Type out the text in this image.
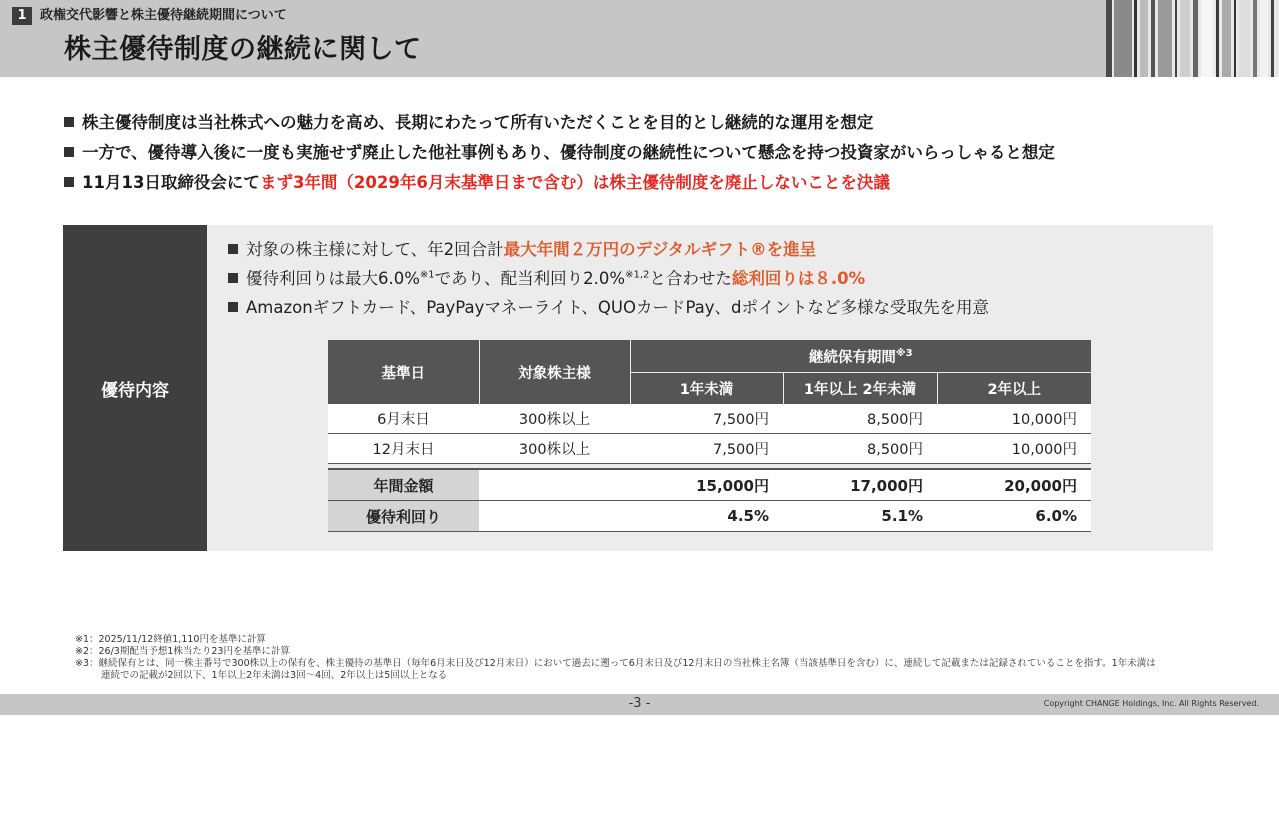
1	政権交代影響と株主優待継続期間について
株主優待制度の継続に関して
株主優待制度は当社株式への魅力を高め、長期にわたって所有いただくことを目的とし継続的な運用を想定
一方で、優待導入後に一度も実施せず廃止した他社事例もあり、優待制度の継続性について懸念を持つ投資家がいらっしゃると想定
11月13日取締役会にてまず3年間（2029年6月末基準日まで含む）は株主優待制度を廃止しないことを決議
優待内容
対象の株主様に対して、年2回合計最大年間２万円のデジタルギフト®を進呈
優待利回りは最大6.0%$^{※1}$であり、配当利回り2.0%$^{※1,2}$と合わせた総利回りは８.0%
Amazonギフトカード、PayPayマネーライト、QUOカードPay、dポイントなど多様な受取先を用意
基準日	対象株主様	継続保有期間$^{※3}$
		1年未満	1年以上 2年未満	2年以上
6月末日	300株以上	7,500円	8,500円	10,000円
12月末日	300株以上	7,500円	8,500円	10,000円

年間金額		15,000円	17,000円	20,000円
優待利回り		4.5%	5.1%	6.0%
※1：2025/11/12終値1,110円を基準に計算
※2：26/3期配当予想1株当たり23円を基準に計算
※3：継続保有とは、同一株主番号で300株以上の保有を、株主優待の基準日（毎年6月末日及び12月末日）において過去に遡って6月末日及び12月末日の当社株主名簿（当該基準日を含む）に、連続して記載または記録されていることを指す。1年未満は
連続での記載が2回以下、1年以上2年未満は3回～4回、2年以上は5回以上となる
-3 -	Copyright CHANGE Holdings, Inc. All Rights Reserved.
